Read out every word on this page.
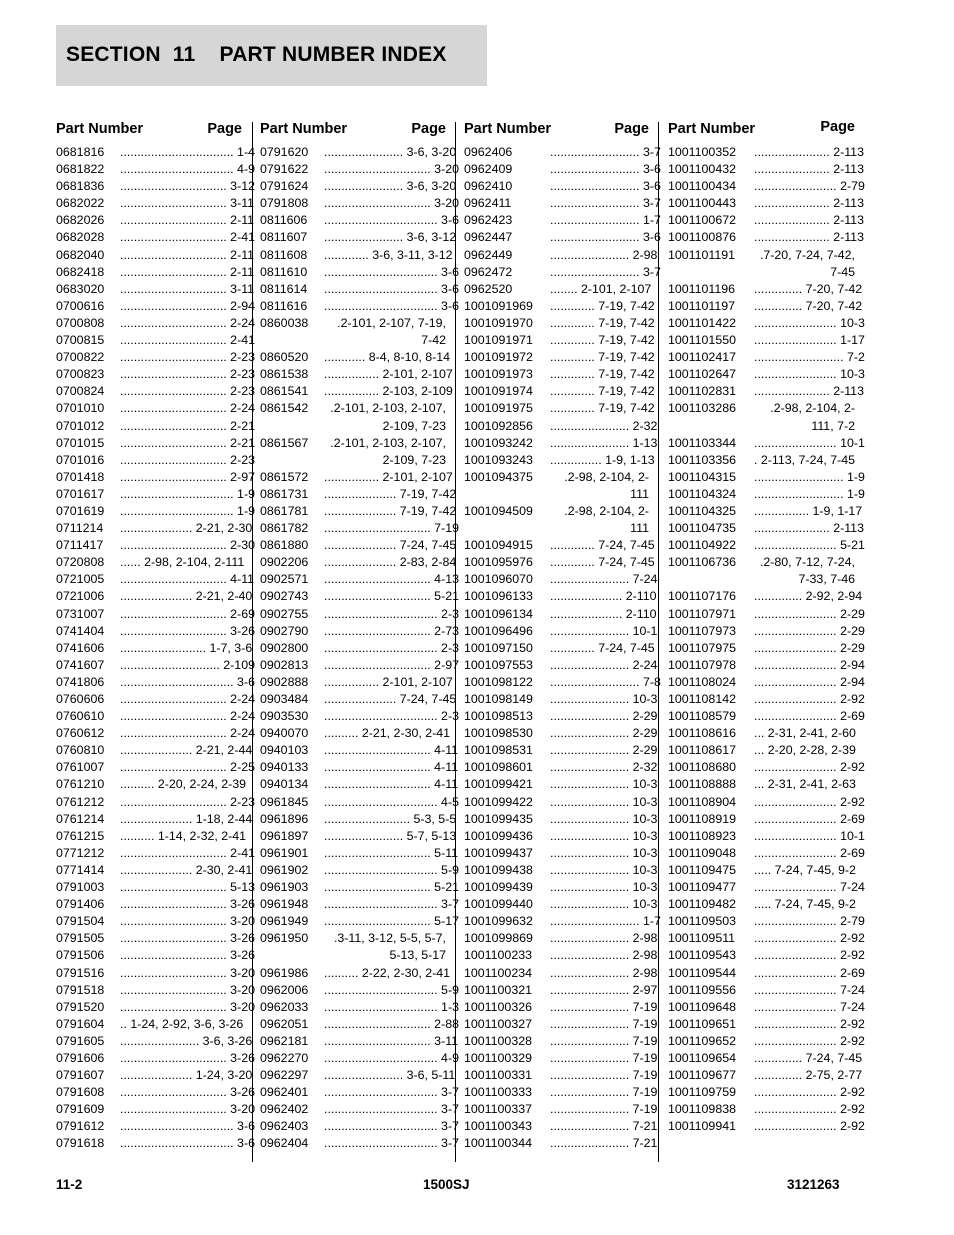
SECTION  11    PART NUMBER INDEX
Part Number	Page
0681816 ................................. 1-4
0681822 ................................. 4-9
0681836 ............................... 3-12
0682022 ............................... 3-11
0682026 ............................... 2-11
0682028 ............................... 2-41
0682040 ............................... 2-11
0682418 ............................... 2-11
0683020 ............................... 3-11
0700616 ............................... 2-94
0700808 ............................... 2-24
0700815 ............................... 2-41
0700822 ............................... 2-23
0700823 ............................... 2-23
0700824 ............................... 2-23
0701010 ............................... 2-24
0701012 ............................... 2-21
0701015 ............................... 2-21
0701016 ............................... 2-23
0701418 ............................... 2-97
0701617 ................................. 1-9
0701619 ................................. 1-9
0711214 ..................... 2-21, 2-30
0711417 ............................... 2-30
0720808 ...... 2-98, 2-104, 2-111
0721005 ............................... 4-11
0721006 ..................... 2-21, 2-40
0731007 ............................... 2-69
0741404 ............................... 3-26
0741606 ......................... 1-7, 3-6
0741607 ............................. 2-109
0741806 ................................. 3-6
0760606 ............................... 2-24
0760610 ............................... 2-24
0760612 ............................... 2-24
0760810 ..................... 2-21, 2-44
0761007 ............................... 2-25
0761210 .......... 2-20, 2-24, 2-39
0761212 ............................... 2-23
0761214 ..................... 1-18, 2-44
0761215 .......... 1-14, 2-32, 2-41
0771212 ............................... 2-41
0771414 ..................... 2-30, 2-41
0791003 ............................... 5-13
0791406 ............................... 3-26
0791504 ............................... 3-20
0791505 ............................... 3-26
0791506 ............................... 3-26
0791516 ............................... 3-20
0791518 ............................... 3-20
0791520 ............................... 3-20
0791604 .. 1-24, 2-92, 3-6, 3-26
0791605 ....................... 3-6, 3-26
0791606 ............................... 3-26
0791607 ..................... 1-24, 3-20
0791608 ............................... 3-26
0791609 ............................... 3-20
0791612 ................................. 3-6
0791618 ................................. 3-6
Part Number	Page
0791620 ....................... 3-6, 3-20
0791622 ............................... 3-20
0791624 ....................... 3-6, 3-20
0791808 ............................... 3-20
0811606 ................................. 3-6
0811607 ....................... 3-6, 3-12
0811608 ............. 3-6, 3-11, 3-12
0811610 ................................. 3-6
0811614 ................................. 3-6
0811616 ................................. 3-6
0860038	.2-101, 2-107, 7-19, 7-42
0860520 ............ 8-4, 8-10, 8-14
0861538 ................ 2-101, 2-107
0861541 ................ 2-103, 2-109
0861542	.2-101, 2-103, 2-107, 2-109, 7-23
0861567	.2-101, 2-103, 2-107, 2-109, 7-23
0861572 ................ 2-101, 2-107
0861731 ..................... 7-19, 7-42
0861781 ..................... 7-19, 7-42
0861782 ............................... 7-19
0861880 ..................... 7-24, 7-45
0902206 ..................... 2-83, 2-84
0902571 ............................... 4-13
0902743 ............................... 5-21
0902755 ................................. 2-3
0902790 ............................... 2-73
0902800 ................................. 2-3
0902813 ............................... 2-97
0902888 ................ 2-101, 2-107
0903484 ..................... 7-24, 7-45
0903530 ................................. 2-3
0940070 .......... 2-21, 2-30, 2-41
0940103 ............................... 4-11
0940133 ............................... 4-11
0940134 ............................... 4-11
0961845 ................................. 4-5
0961896 ......................... 5-3, 5-5
0961897 ....................... 5-7, 5-13
0961901 ............................... 5-11
0961902 ................................. 5-9
0961903 ............................... 5-21
0961948 ................................. 3-7
0961949 ............................... 5-17
0961950	.3-11, 3-12, 5-5, 5-7, 5-13, 5-17
0961986 .......... 2-22, 2-30, 2-41
0962006 ................................. 5-9
0962033 ................................. 1-3
0962051 ............................... 2-88
0962181 ............................... 3-11
0962270 ................................. 4-9
0962297 ....................... 3-6, 5-11
0962401 ................................. 3-7
0962402 ................................. 3-7
0962403 ................................. 3-7
0962404 ................................. 3-7
Part Number	Page
0962406	.......................... 3-7
0962409	.......................... 3-6
0962410	.......................... 3-6
0962411	.......................... 3-7
0962423	.......................... 1-7
0962447	.......................... 3-6
0962449	....................... 2-98
0962472	.......................... 3-7
0962520	........ 2-101, 2-107
1001091969 ............. 7-19, 7-42
1001091970 ............. 7-19, 7-42
1001091971 ............. 7-19, 7-42
1001091972 ............. 7-19, 7-42
1001091973 ............. 7-19, 7-42
1001091974 ............. 7-19, 7-42
1001091975 ............. 7-19, 7-42
1001092856 ....................... 2-32
1001093242 ....................... 1-13
1001093243 ............... 1-9, 1-13
1001094375	.2-98, 2-104, 2-111
1001094509	.2-98, 2-104, 2-111
1001094915 ............. 7-24, 7-45
1001095976 ............. 7-24, 7-45
1001096070 ....................... 7-24
1001096133 ..................... 2-110
1001096134 ..................... 2-110
1001096496 ....................... 10-1
1001097150 ............. 7-24, 7-45
1001097553 ....................... 2-24
1001098122 .......................... 7-8
1001098149 ....................... 10-3
1001098513 ....................... 2-29
1001098530 ....................... 2-29
1001098531 ....................... 2-29
1001098601 ....................... 2-32
1001099421 ....................... 10-3
1001099422 ....................... 10-3
1001099435 ....................... 10-3
1001099436 ....................... 10-3
1001099437 ....................... 10-3
1001099438 ....................... 10-3
1001099439 ....................... 10-3
1001099440 ....................... 10-3
1001099632 .......................... 1-7
1001099869 ....................... 2-98
1001100233 ....................... 2-98
1001100234 ....................... 2-98
1001100321 ....................... 2-97
1001100326 ....................... 7-19
1001100327 ....................... 7-19
1001100328 ....................... 7-19
1001100329 ....................... 7-19
1001100331 ....................... 7-19
1001100333 ....................... 7-19
1001100337 ....................... 7-19
1001100343 ....................... 7-21
1001100344 ....................... 7-21
Part Number	Page
1001100352 ...................... 2-113
1001100432 ...................... 2-113
1001100434 ........................ 2-79
1001100443 ...................... 2-113
1001100672 ...................... 2-113
1001100876 ...................... 2-113
1001101191	.7-20, 7-24, 7-42, 7-45
1001101196 .............. 7-20, 7-42
1001101197 .............. 7-20, 7-42
1001101422 ........................ 10-3
1001101550 ........................ 1-17
1001102417 .......................... 7-2
1001102647 ........................ 10-3
1001102831 ...................... 2-113
1001103286	.2-98, 2-104, 2-111, 7-2
1001103344 ........................ 10-1
1001103356 . 2-113, 7-24, 7-45
1001104315 .......................... 1-9
1001104324 .......................... 1-9
1001104325 ................ 1-9, 1-17
1001104735 ...................... 2-113
1001104922 ........................ 5-21
1001106736	.2-80, 7-12, 7-24, 7-33, 7-46
1001107176 .............. 2-92, 2-94
1001107971 ........................ 2-29
1001107973 ........................ 2-29
1001107975 ........................ 2-29
1001107978 ........................ 2-94
1001108024 ........................ 2-94
1001108142 ........................ 2-92
1001108579 ........................ 2-69
1001108616 ... 2-31, 2-41, 2-60
1001108617 ... 2-20, 2-28, 2-39
1001108680 ........................ 2-92
1001108888 ... 2-31, 2-41, 2-63
1001108904 ........................ 2-92
1001108919 ........................ 2-69
1001108923 ........................ 10-1
1001109048 ........................ 2-69
1001109475 ..... 7-24, 7-45, 9-2
1001109477 ........................ 7-24
1001109482 ..... 7-24, 7-45, 9-2
1001109503 ........................ 2-79
1001109511 ........................ 2-92
1001109543 ........................ 2-92
1001109544 ........................ 2-69
1001109556 ........................ 7-24
1001109648 ........................ 7-24
1001109651 ........................ 2-92
1001109652 ........................ 2-92
1001109654 .............. 7-24, 7-45
1001109677 .............. 2-75, 2-77
1001109759 ........................ 2-92
1001109838 ........................ 2-92
1001109941 ........................ 2-92
11-2	1500SJ	3121263
